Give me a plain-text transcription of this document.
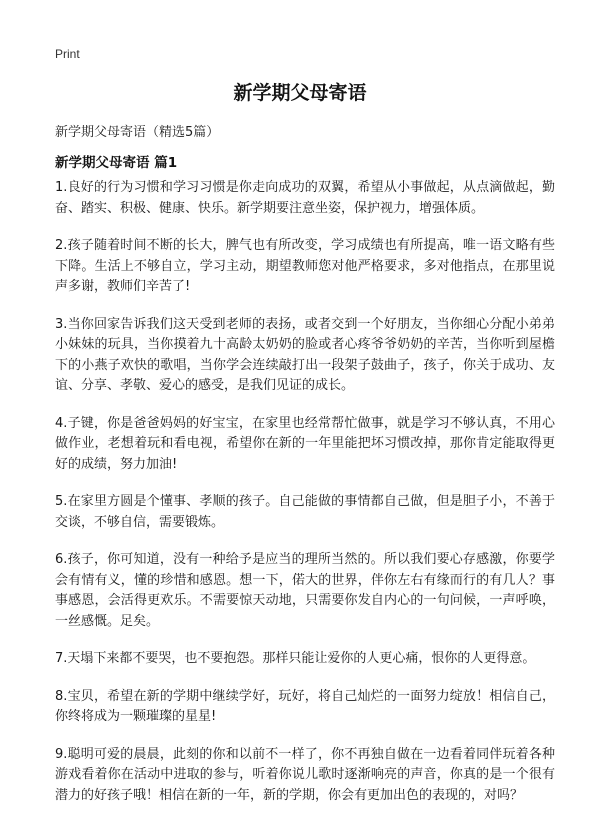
Print
新学期父母寄语
新学期父母寄语（精选5篇）
新学期父母寄语 篇1

1.良好的行为习惯和学习习惯是你走向成功的双翼，希望从小事做起，从点滴做起，勤奋、踏实、积极、健康、快乐。新学期要注意坐姿，保护视力，增强体质。

2.孩子随着时间不断的长大，脾气也有所改变，学习成绩也有所提高，唯一语文略有些下降。生活上不够自立，学习主动，期望教师您对他严格要求，多对他指点，在那里说声多谢，教师们辛苦了!

3.当你回家告诉我们这天受到老师的表扬，或者交到一个好朋友，当你细心分配小弟弟小妹妹的玩具，当你摸着九十高龄太奶奶的脸或者心疼爷爷奶奶的辛苦，当你听到屋檐下的小燕子欢快的歌唱，当你学会连续敲打出一段架子鼓曲子，孩子，你关于成功、友谊、分享、孝敬、爱心的感受，是我们见证的成长。

4.子键，你是爸爸妈妈的好宝宝，在家里也经常帮忙做事，就是学习不够认真，不用心做作业，老想着玩和看电视，希望你在新的一年里能把坏习惯改掉，那你肯定能取得更好的成绩，努力加油!

5.在家里方圆是个懂事、孝顺的孩子。自己能做的事情都自己做，但是胆子小，不善于交谈，不够自信，需要锻炼。

6.孩子，你可知道，没有一种给予是应当的理所当然的。所以我们要心存感激，你要学会有情有义，懂的珍惜和感恩。想一下，偌大的世界，伴你左右有缘而行的有几人？事事感恩，会活得更欢乐。不需要惊天动地，只需要你发自内心的一句问候，一声呼唤，一丝感慨。足矣。

7.天塌下来都不要哭，也不要抱怨。那样只能让爱你的人更心痛，恨你的人更得意。

8.宝贝，希望在新的学期中继续学好，玩好，将自己灿烂的一面努力绽放！相信自己，你终将成为一颗璀璨的星星!

9.聪明可爱的晨晨，此刻的你和以前不一样了，你不再独自做在一边看着同伴玩着各种游戏看着你在活动中进取的参与，听着你说儿歌时逐渐响亮的声音，你真的是一个很有潜力的好孩子哦！相信在新的一年，新的学期，你会有更加出色的表现的，对吗？
